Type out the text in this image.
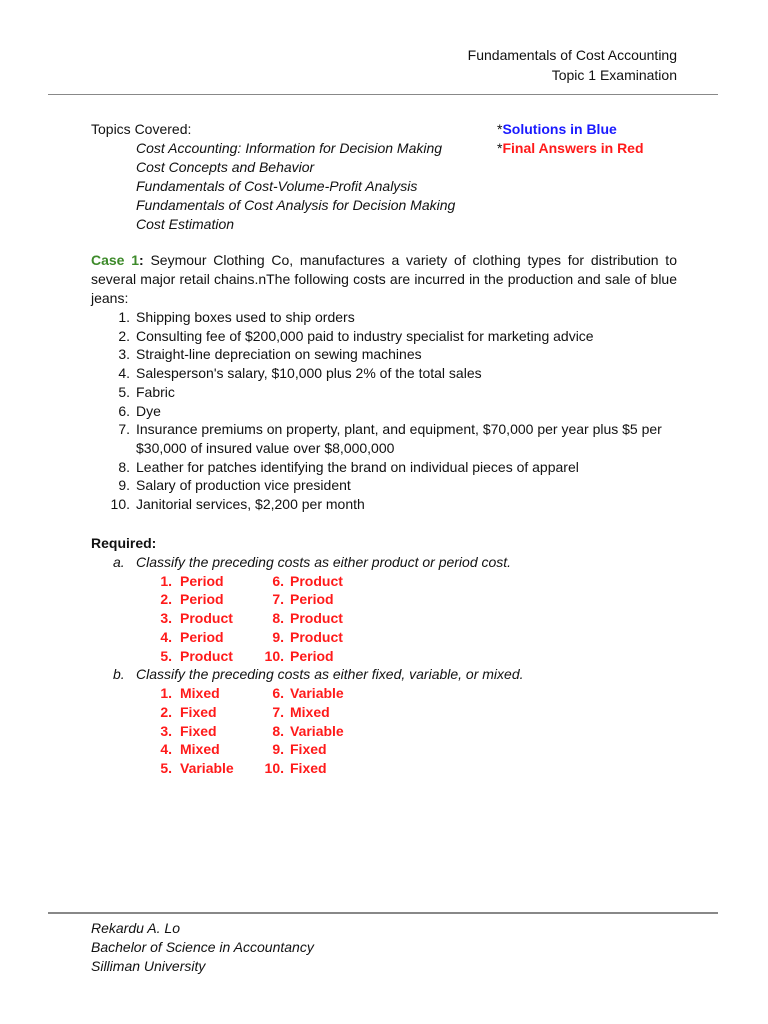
Fundamentals of Cost Accounting
Topic 1 Examination
Topics Covered:
Cost Accounting: Information for Decision Making
Cost Concepts and Behavior
Fundamentals of Cost-Volume-Profit Analysis
Fundamentals of Cost Analysis for Decision Making
Cost Estimation
*Solutions in Blue
*Final Answers in Red
Case 1: Seymour Clothing Co, manufactures a variety of clothing types for distribution to several major retail chains.nThe following costs are incurred in the production and sale of blue jeans:
1. Shipping boxes used to ship orders
2. Consulting fee of $200,000 paid to industry specialist for marketing advice
3. Straight-line depreciation on sewing machines
4. Salesperson's salary, $10,000 plus 2% of the total sales
5. Fabric
6. Dye
7. Insurance premiums on property, plant, and equipment, $70,000 per year plus $5 per $30,000 of insured value over $8,000,000
8. Leather for patches identifying the brand on individual pieces of apparel
9. Salary of production vice president
10. Janitorial services, $2,200 per month
Required:
a. Classify the preceding costs as either product or period cost.
1. Period	6. Product
2. Period	7. Period
3. Product	8. Product
4. Period	9. Product
5. Product 10. Period
b. Classify the preceding costs as either fixed, variable, or mixed.
1. Mixed	6. Variable
2. Fixed	7. Mixed
3. Fixed	8. Variable
4. Mixed	9. Fixed
5. Variable 10. Fixed
Rekardu A. Lo
Bachelor of Science in Accountancy
Silliman University
